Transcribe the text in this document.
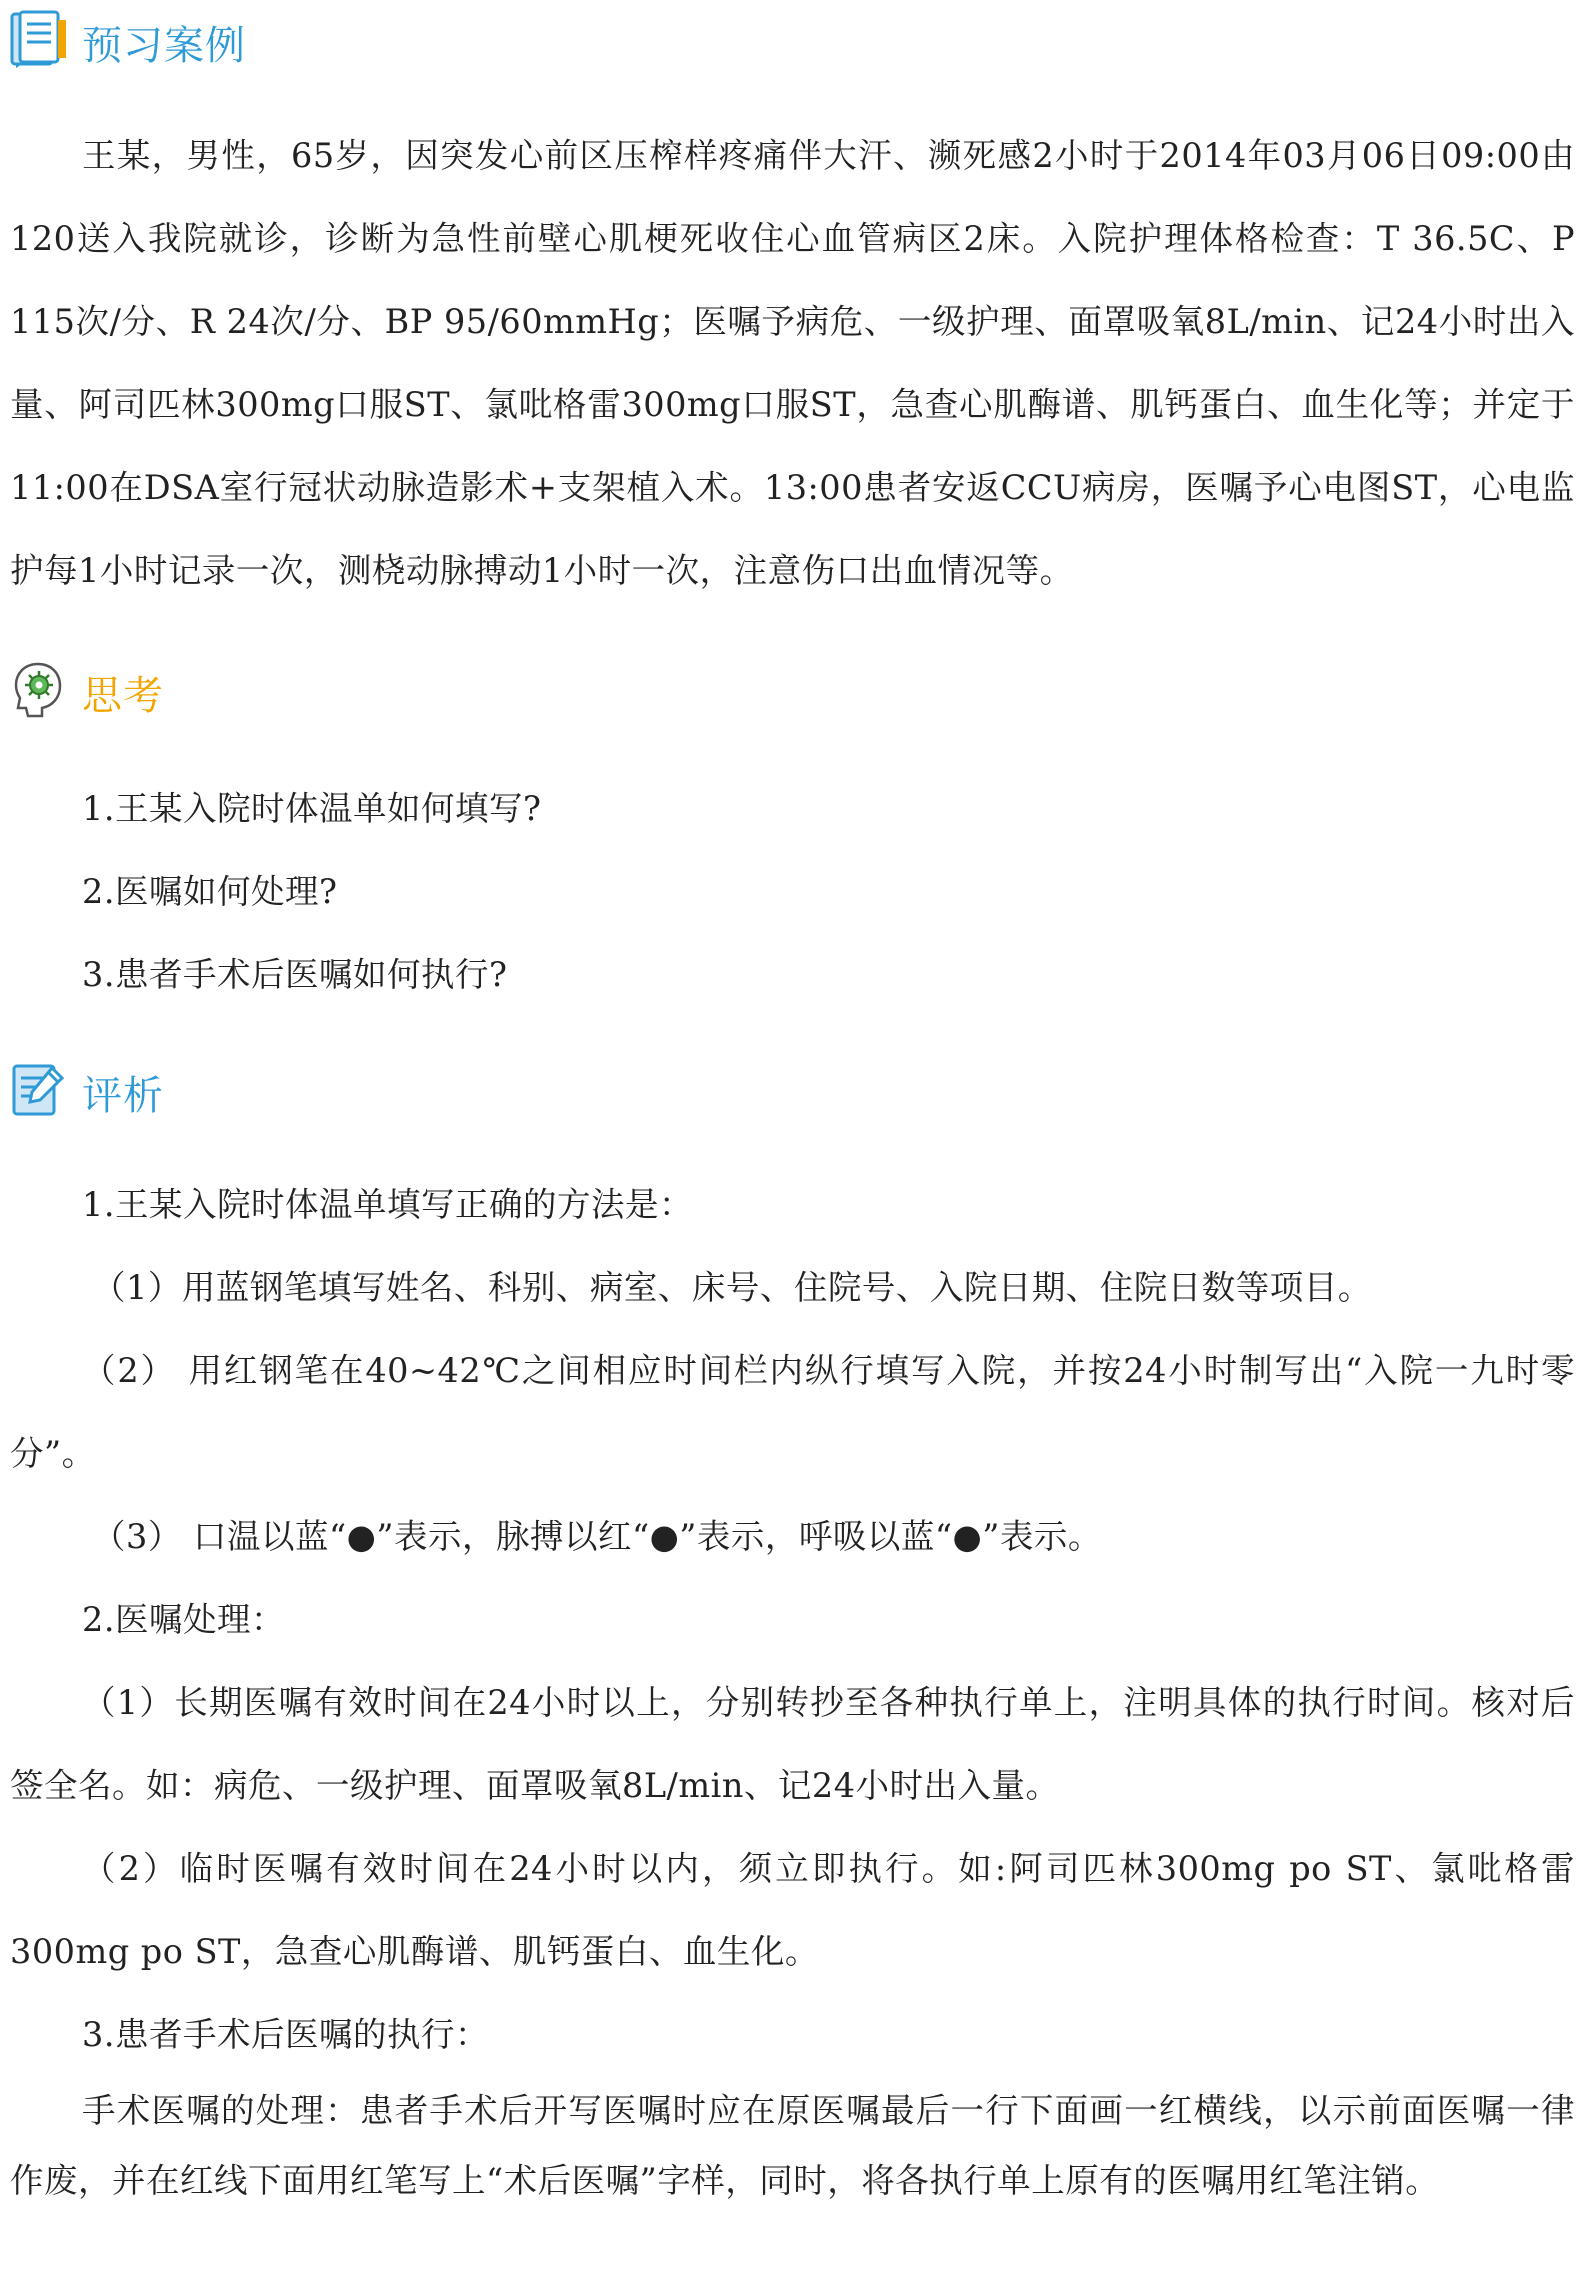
预习案例

王某，男性，65岁，因突发心前区压榨样疼痛伴大汗、濒死感2小时于2014年03月06日09:00由120送入我院就诊，诊断为急性前壁心肌梗死收住心血管病区2床。入院护理体格检查：T 36.5C、P 115次/分、R 24次/分、BP 95/60mmHg；医嘱予病危、一级护理、面罩吸氧8L/min、记24小时出入量、阿司匹林300mg口服ST、氯吡格雷300mg口服ST，急查心肌酶谱、肌钙蛋白、血生化等；并定于11:00在DSA室行冠状动脉造影术+支架植入术。13:00患者安返CCU病房，医嘱予心电图ST，心电监护每1小时记录一次，测桡动脉搏动1小时一次，注意伤口出血情况等。

思考

1.王某入院时体温单如何填写?

2.医嘱如何处理?

3.患者手术后医嘱如何执行?

评析

1.王某入院时体温单填写正确的方法是：

（1）用蓝钢笔填写姓名、科别、病室、床号、住院号、入院日期、住院日数等项目。

（2） 用红钢笔在40~42℃之间相应时间栏内纵行填写入院，并按24小时制写出“入院一九时零分”。

（3） 口温以蓝“●”表示，脉搏以红“●”表示，呼吸以蓝“●”表示。

2.医嘱处理：

（1）长期医嘱有效时间在24小时以上，分别转抄至各种执行单上，注明具体的执行时间。核对后签全名。如：病危、一级护理、面罩吸氧8L/min、记24小时出入量。

（2）临时医嘱有效时间在24小时以内，须立即执行。如:阿司匹林300mg po ST、氯吡格雷300mg po ST，急查心肌酶谱、肌钙蛋白、血生化。

3.患者手术后医嘱的执行：

手术医嘱的处理：患者手术后开写医嘱时应在原医嘱最后一行下面画一红横线，以示前面医嘱一律作废，并在红线下面用红笔写上“术后医嘱”字样，同时，将各执行单上原有的医嘱用红笔注销。
